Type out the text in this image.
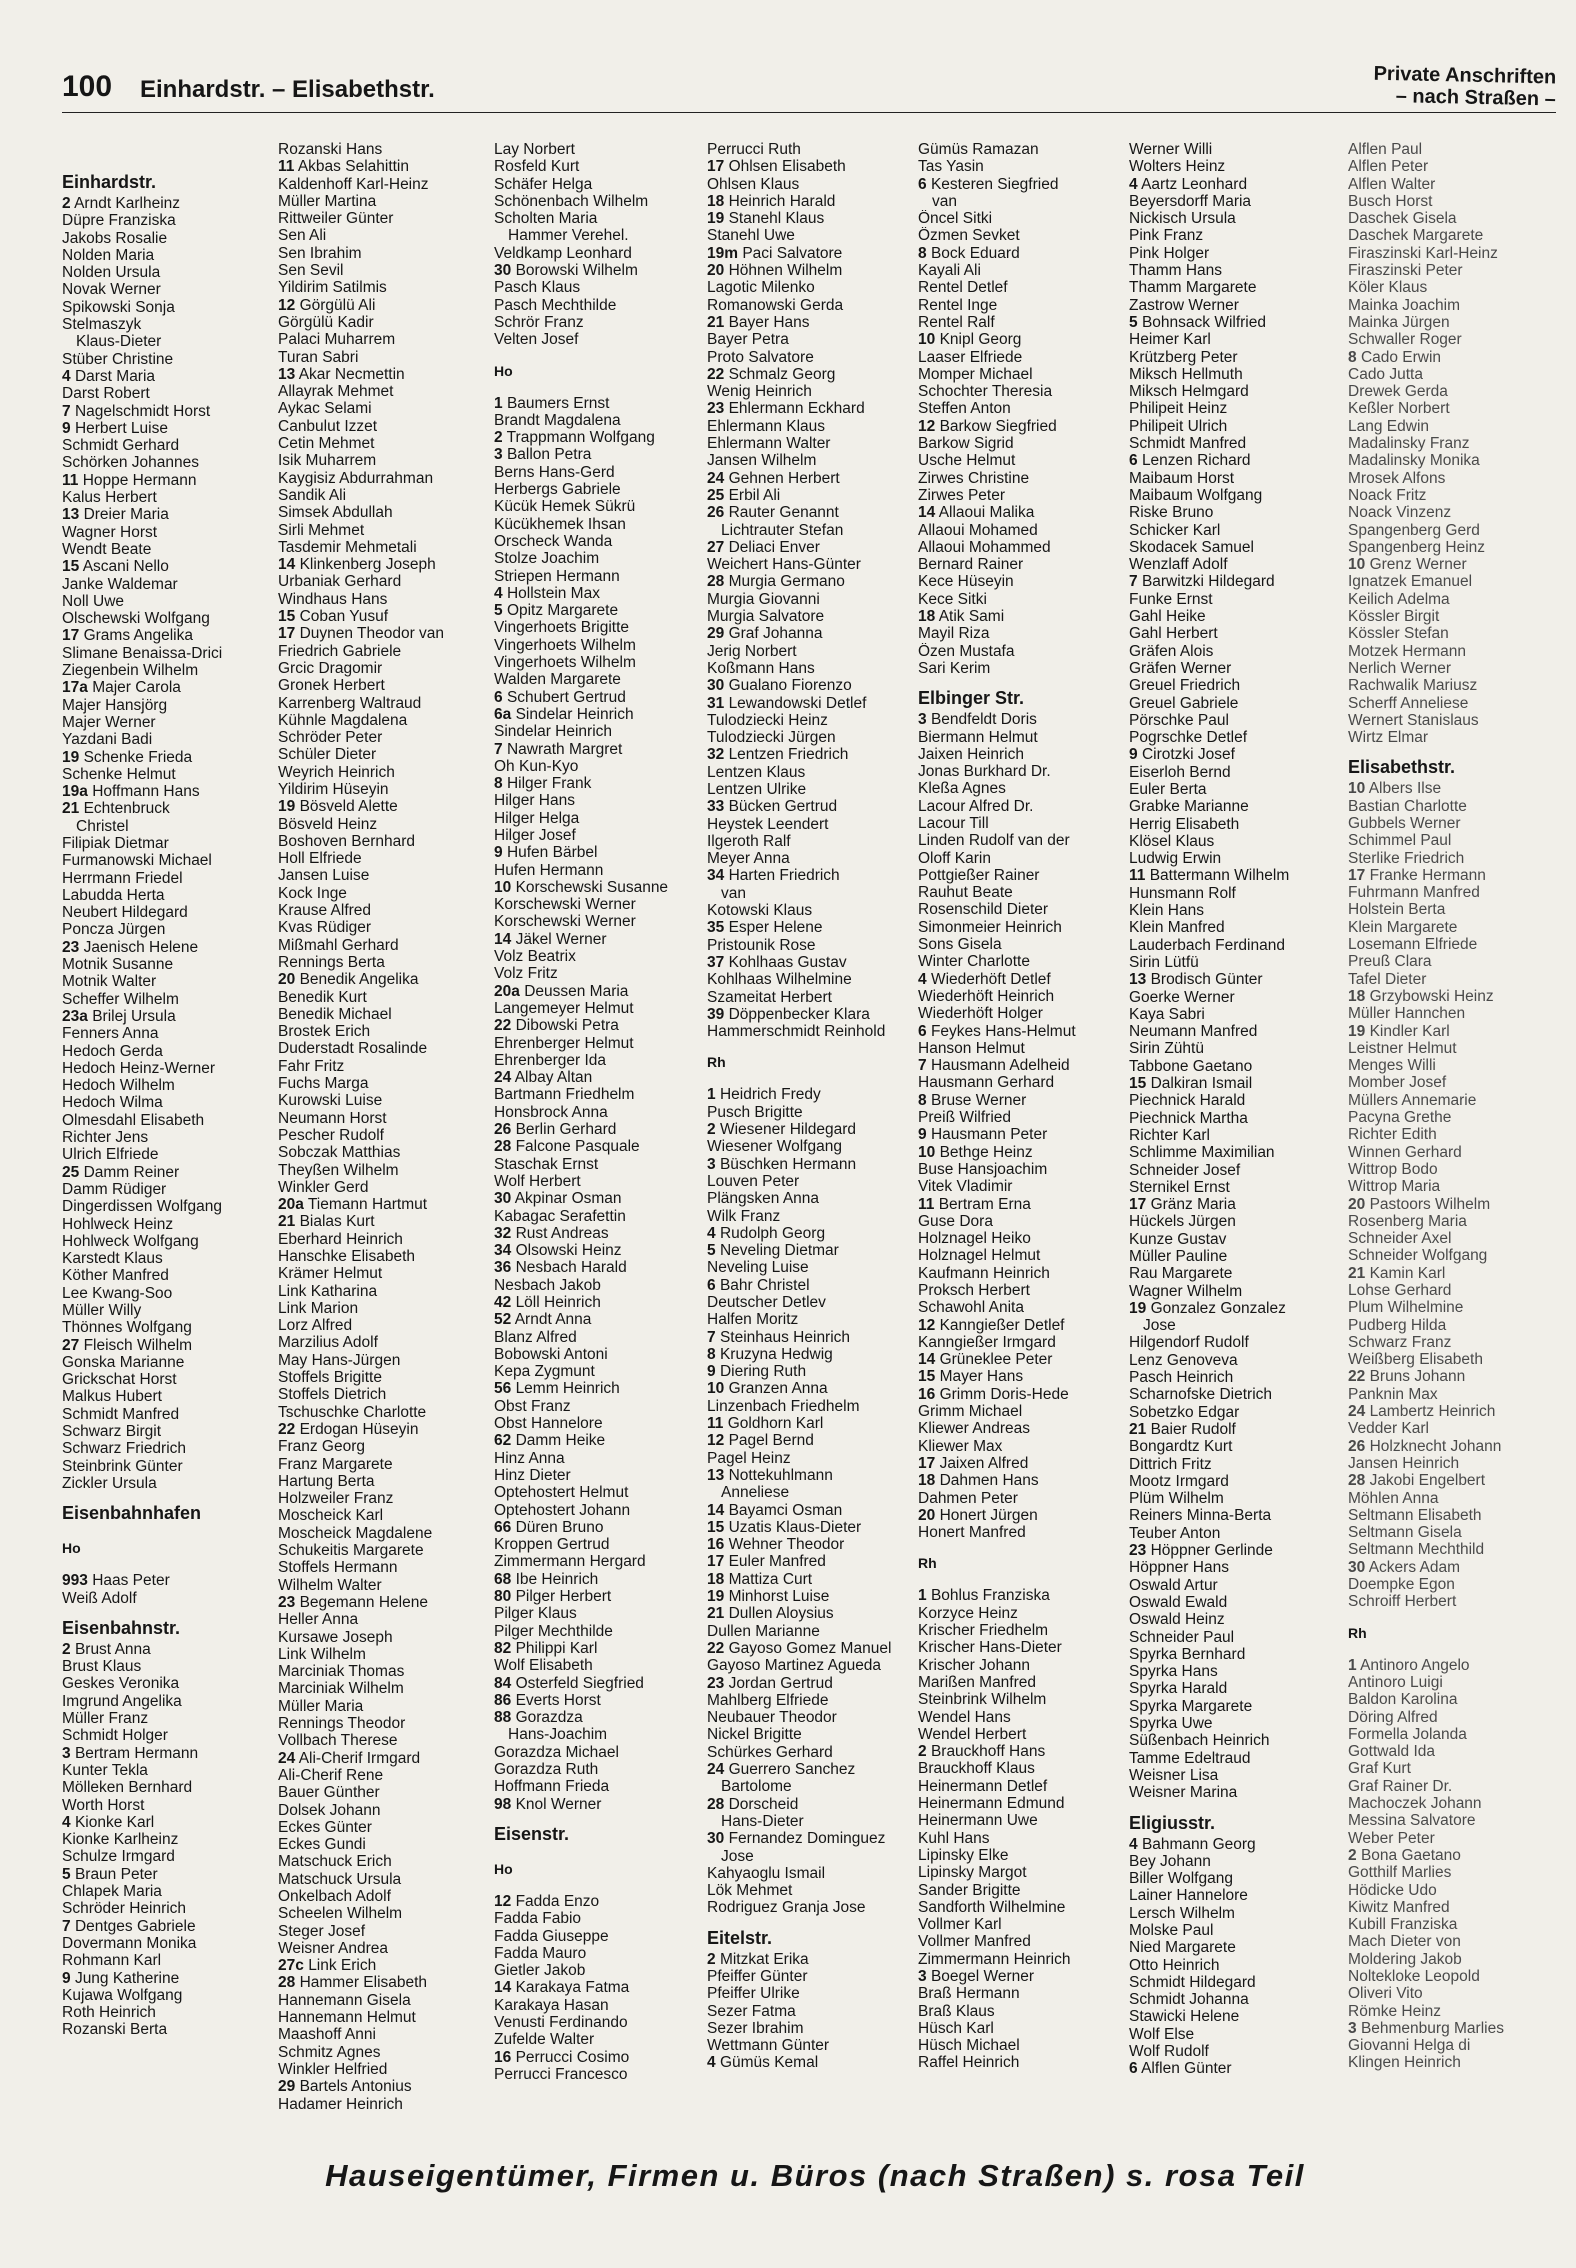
100 Einhardstr. – Elisabethstr.
Private Anschriften
– nach Straßen –
Einhardstr.
2 Arndt Karlheinz
Düpre Franziska
Jakobs Rosalie
Nolden Maria
Nolden Ursula
Novak Werner
Spikowski Sonja
Stelmaszyk
Klaus-Dieter
Stüber Christine
4 Darst Maria
Darst Robert
7 Nagelschmidt Horst
9 Herbert Luise
Schmidt Gerhard
Schörken Johannes
11 Hoppe Hermann
Kalus Herbert
13 Dreier Maria
Wagner Horst
Wendt Beate
15 Ascani Nello
Janke Waldemar
Noll Uwe
Olschewski Wolfgang
17 Grams Angelika
Slimane Benaissa-Drici
Ziegenbein Wilhelm
17a Majer Carola
Majer Hansjörg
Majer Werner
Yazdani Badi
19 Schenke Frieda
Schenke Helmut
19a Hoffmann Hans
21 Echtenbruck
Christel
Filipiak Dietmar
Furmanowski Michael
Herrmann Friedel
Labudda Herta
Neubert Hildegard
Poncza Jürgen
23 Jaenisch Helene
Motnik Susanne
Motnik Walter
Scheffer Wilhelm
23a Brilej Ursula
Fenners Anna
Hedoch Gerda
Hedoch Heinz-Werner
Hedoch Wilhelm
Hedoch Wilma
Olmesdahl Elisabeth
Richter Jens
Ulrich Elfriede
25 Damm Reiner
Damm Rüdiger
Dingerdissen Wolfgang
Hohlweck Heinz
Hohlweck Wolfgang
Karstedt Klaus
Köther Manfred
Lee Kwang-Soo
Müller Willy
Thönnes Wolfgang
27 Fleisch Wilhelm
Gonska Marianne
Grickschat Horst
Malkus Hubert
Schmidt Manfred
Schwarz Birgit
Schwarz Friedrich
Steinbrink Günter
Zickler Ursula
Eisenbahnhafen
Ho
993 Haas Peter
Weiß Adolf
Eisenbahnstr.
2 Brust Anna
Brust Klaus
Geskes Veronika
Imgrund Angelika
Müller Franz
Schmidt Holger
3 Bertram Hermann
Kunter Tekla
Mölleken Bernhard
Worth Horst
4 Kionke Karl
Kionke Karlheinz
Schulze Irmgard
5 Braun Peter
Chlapek Maria
Schröder Heinrich
7 Dentges Gabriele
Dovermann Monika
Rohmann Karl
9 Jung Katherine
Kujawa Wolfgang
Roth Heinrich
Rozanski Berta
Rozanski Hans
11 Akbas Selahittin
Kaldenhoff Karl-Heinz
Müller Martina
Rittweiler Günter
Sen Ali
Sen Ibrahim
Sen Sevil
Yildirim Satilmis
12 Görgülü Ali
Görgülü Kadir
Palaci Muharrem
Turan Sabri
13 Akar Necmettin
Allayrak Mehmet
Aykac Selami
Canbulut Izzet
Cetin Mehmet
Isik Muharrem
Kaygisiz Abdurrahman
Sandik Ali
Simsek Abdullah
Sirli Mehmet
Tasdemir Mehmetali
14 Klinkenberg Joseph
Urbaniak Gerhard
Windhaus Hans
15 Coban Yusuf
17 Duynen Theodor van
Friedrich Gabriele
Grcic Dragomir
Gronek Herbert
Karrenberg Waltraud
Kühnle Magdalena
Schröder Peter
Schüler Dieter
Weyrich Heinrich
Yildirim Hüseyin
19 Bösveld Alette
Bösveld Heinz
Boshoven Bernhard
Holl Elfriede
Jansen Luise
Kock Inge
Krause Alfred
Kvas Rüdiger
Mißmahl Gerhard
Rennings Berta
20 Benedik Angelika
Benedik Kurt
Benedik Michael
Brostek Erich
Duderstadt Rosalinde
Fahr Fritz
Fuchs Marga
Kurowski Luise
Neumann Horst
Pescher Rudolf
Sobczak Matthias
Theyßen Wilhelm
Winkler Gerd
20a Tiemann Hartmut
21 Bialas Kurt
Eberhard Heinrich
Hanschke Elisabeth
Krämer Helmut
Link Katharina
Link Marion
Lorz Alfred
Marzilius Adolf
May Hans-Jürgen
Stoffels Brigitte
Stoffels Dietrich
Tschuschke Charlotte
22 Erdogan Hüseyin
Franz Georg
Franz Margarete
Hartung Berta
Holzweiler Franz
Moscheick Karl
Moscheick Magdalene
Schukeitis Margarete
Stoffels Hermann
Wilhelm Walter
23 Begemann Helene
Heller Anna
Kursawe Joseph
Link Wilhelm
Marciniak Thomas
Marciniak Wilhelm
Müller Maria
Rennings Theodor
Vollbach Therese
24 Ali-Cherif Irmgard
Ali-Cherif Rene
Bauer Günther
Dolsek Johann
Eckes Günter
Eckes Gundi
Matschuck Erich
Matschuck Ursula
Onkelbach Adolf
Scheelen Wilhelm
Steger Josef
Weisner Andrea
27c Link Erich
28 Hammer Elisabeth
Hannemann Gisela
Hannemann Helmut
Maashoff Anni
Schmitz Agnes
Winkler Helfried
29 Bartels Antonius
Hadamer Heinrich
Lay Norbert
Rosfeld Kurt
Schäfer Helga
Schönenbach Wilhelm
Scholten Maria
Hammer Verehel.
Veldkamp Leonhard
30 Borowski Wilhelm
Pasch Klaus
Pasch Mechthilde
Schrör Franz
Velten Josef
Ho
1 Baumers Ernst
Brandt Magdalena
2 Trappmann Wolfgang
3 Ballon Petra
Berns Hans-Gerd
Herbergs Gabriele
Kücük Hemek Sükrü
Kücükhemek Ihsan
Orscheck Wanda
Stolze Joachim
Striepen Hermann
4 Hollstein Max
5 Opitz Margarete
Vingerhoets Brigitte
Vingerhoets Wilhelm
Vingerhoets Wilhelm
Walden Margarete
6 Schubert Gertrud
6a Sindelar Heinrich
Sindelar Heinrich
7 Nawrath Margret
Oh Kun-Kyo
8 Hilger Frank
Hilger Hans
Hilger Helga
Hilger Josef
9 Hufen Bärbel
Hufen Hermann
10 Korschewski Susanne
Korschewski Werner
Korschewski Werner
14 Jäkel Werner
Volz Beatrix
Volz Fritz
20a Deussen Maria
Langemeyer Helmut
22 Dibowski Petra
Ehrenberger Helmut
Ehrenberger Ida
24 Albay Altan
Bartmann Friedhelm
Honsbrock Anna
26 Berlin Gerhard
28 Falcone Pasquale
Staschak Ernst
Wolf Herbert
30 Akpinar Osman
Kabagac Serafettin
32 Rust Andreas
34 Olsowski Heinz
36 Nesbach Harald
Nesbach Jakob
42 Löll Heinrich
52 Arndt Anna
Blanz Alfred
Bobowski Antoni
Kepa Zygmunt
56 Lemm Heinrich
Obst Franz
Obst Hannelore
62 Damm Heike
Hinz Anna
Hinz Dieter
Optehostert Helmut
Optehostert Johann
66 Düren Bruno
Kroppen Gertrud
Zimmermann Hergard
68 Ibe Heinrich
80 Pilger Herbert
Pilger Klaus
Pilger Mechthilde
82 Philippi Karl
Wolf Elisabeth
84 Osterfeld Siegfried
86 Everts Horst
88 Gorazdza
Hans-Joachim
Gorazdza Michael
Gorazdza Ruth
Hoffmann Frieda
98 Knol Werner
Eisenstr.
Ho
12 Fadda Enzo
Fadda Fabio
Fadda Giuseppe
Fadda Mauro
Gietler Jakob
14 Karakaya Fatma
Karakaya Hasan
Venusti Ferdinando
Zufelde Walter
16 Perrucci Cosimo
Perrucci Francesco
Perrucci Ruth
17 Ohlsen Elisabeth
Ohlsen Klaus
18 Heinrich Harald
19 Stanehl Klaus
Stanehl Uwe
19m Paci Salvatore
20 Höhnen Wilhelm
Lagotic Milenko
Romanowski Gerda
21 Bayer Hans
Bayer Petra
Proto Salvatore
22 Schmalz Georg
Wenig Heinrich
23 Ehlermann Eckhard
Ehlermann Klaus
Ehlermann Walter
Jansen Wilhelm
24 Gehnen Herbert
25 Erbil Ali
26 Rauter Genannt
Lichtrauter Stefan
27 Deliaci Enver
Weichert Hans-Günter
28 Murgia Germano
Murgia Giovanni
Murgia Salvatore
29 Graf Johanna
Jerig Norbert
Koßmann Hans
30 Gualano Fiorenzo
31 Lewandowski Detlef
Tulodziecki Heinz
Tulodziecki Jürgen
32 Lentzen Friedrich
Lentzen Klaus
Lentzen Ulrike
33 Bücken Gertrud
Heystek Leendert
Ilgeroth Ralf
Meyer Anna
34 Harten Friedrich
van
Kotowski Klaus
35 Esper Helene
Pristounik Rose
37 Kohlhaas Gustav
Kohlhaas Wilhelmine
Szameitat Herbert
39 Döppenbecker Klara
Hammerschmidt Reinhold
Rh
1 Heidrich Fredy
Pusch Brigitte
2 Wiesener Hildegard
Wiesener Wolfgang
3 Büschken Hermann
Louven Peter
Plängsken Anna
Wilk Franz
4 Rudolph Georg
5 Neveling Dietmar
Neveling Luise
6 Bahr Christel
Deutscher Detlev
Halfen Moritz
7 Steinhaus Heinrich
8 Kruzyna Hedwig
9 Diering Ruth
10 Granzen Anna
Linzenbach Friedhelm
11 Goldhorn Karl
12 Pagel Bernd
Pagel Heinz
13 Nottekuhlmann
Anneliese
14 Bayamci Osman
15 Uzatis Klaus-Dieter
16 Wehner Theodor
17 Euler Manfred
18 Mattiza Curt
19 Minhorst Luise
21 Dullen Aloysius
Dullen Marianne
22 Gayoso Gomez Manuel
Gayoso Martinez Agueda
23 Jordan Gertrud
Mahlberg Elfriede
Neubauer Theodor
Nickel Brigitte
Schürkes Gerhard
24 Guerrero Sanchez
Bartolome
28 Dorscheid
Hans-Dieter
30 Fernandez Dominguez
Jose
Kahyaoglu Ismail
Lök Mehmet
Rodriguez Granja Jose
Eitelstr.
2 Mitzkat Erika
Pfeiffer Günter
Pfeiffer Ulrike
Sezer Fatma
Sezer Ibrahim
Wettmann Günter
4 Gümüs Kemal
Gümüs Ramazan
Tas Yasin
6 Kesteren Siegfried
van
Öncel Sitki
Özmen Sevket
8 Bock Eduard
Kayali Ali
Rentel Detlef
Rentel Inge
Rentel Ralf
10 Knipl Georg
Laaser Elfriede
Momper Michael
Schochter Theresia
Steffen Anton
12 Barkow Siegfried
Barkow Sigrid
Usche Helmut
Zirwes Christine
Zirwes Peter
14 Allaoui Malika
Allaoui Mohamed
Allaoui Mohammed
Bernard Rainer
Kece Hüseyin
Kece Sitki
18 Atik Sami
Mayil Riza
Özen Mustafa
Sari Kerim
Elbinger Str.
3 Bendfeldt Doris
Biermann Helmut
Jaixen Heinrich
Jonas Burkhard Dr.
Kleßa Agnes
Lacour Alfred Dr.
Lacour Till
Linden Rudolf van der
Oloff Karin
Pottgießer Rainer
Rauhut Beate
Rosenschild Dieter
Simonmeier Heinrich
Sons Gisela
Winter Charlotte
4 Wiederhöft Detlef
Wiederhöft Heinrich
Wiederhöft Holger
6 Feykes Hans-Helmut
Hanson Helmut
7 Hausmann Adelheid
Hausmann Gerhard
8 Bruse Werner
Preiß Wilfried
9 Hausmann Peter
10 Bethge Heinz
Buse Hansjoachim
Vitek Vladimir
11 Bertram Erna
Guse Dora
Holznagel Heiko
Holznagel Helmut
Kaufmann Heinrich
Proksch Herbert
Schawohl Anita
12 Kanngießer Detlef
Kanngießer Irmgard
14 Grüneklee Peter
15 Mayer Hans
16 Grimm Doris-Hede
Grimm Michael
Kliewer Andreas
Kliewer Max
17 Jaixen Alfred
18 Dahmen Hans
Dahmen Peter
20 Honert Jürgen
Honert Manfred
Rh
1 Bohlus Franziska
Korzyce Heinz
Krischer Friedhelm
Krischer Hans-Dieter
Krischer Johann
Marißen Manfred
Steinbrink Wilhelm
Wendel Hans
Wendel Herbert
2 Brauckhoff Hans
Brauckhoff Klaus
Heinermann Detlef
Heinermann Edmund
Heinermann Uwe
Kuhl Hans
Lipinsky Elke
Lipinsky Margot
Sander Brigitte
Sandforth Wilhelmine
Vollmer Karl
Vollmer Manfred
Zimmermann Heinrich
3 Boegel Werner
Braß Hermann
Braß Klaus
Hüsch Karl
Hüsch Michael
Raffel Heinrich
Werner Willi
Wolters Heinz
4 Aartz Leonhard
Beyersdorff Maria
Nickisch Ursula
Pink Franz
Pink Holger
Thamm Hans
Thamm Margarete
Zastrow Werner
5 Bohnsack Wilfried
Heimer Karl
Krützberg Peter
Miksch Hellmuth
Miksch Helmgard
Philipeit Heinz
Philipeit Ulrich
Schmidt Manfred
6 Lenzen Richard
Maibaum Horst
Maibaum Wolfgang
Riske Bruno
Schicker Karl
Skodacek Samuel
Wenzlaff Adolf
7 Barwitzki Hildegard
Funke Ernst
Gahl Heike
Gahl Herbert
Gräfen Alois
Gräfen Werner
Greuel Friedrich
Greuel Gabriele
Pörschke Paul
Pogrschke Detlef
9 Cirotzki Josef
Eiserloh Bernd
Euler Berta
Grabke Marianne
Herrig Elisabeth
Klösel Klaus
Ludwig Erwin
11 Battermann Wilhelm
Hunsmann Rolf
Klein Hans
Klein Manfred
Lauderbach Ferdinand
Sirin Lütfü
13 Brodisch Günter
Goerke Werner
Kaya Sabri
Neumann Manfred
Sirin Zühtü
Tabbone Gaetano
15 Dalkiran Ismail
Piechnick Harald
Piechnick Martha
Richter Karl
Schlimme Maximilian
Schneider Josef
Sternikel Ernst
17 Gränz Maria
Hückels Jürgen
Kunze Gustav
Müller Pauline
Rau Margarete
Wagner Wilhelm
19 Gonzalez Gonzalez
Jose
Hilgendorf Rudolf
Lenz Genoveva
Pasch Heinrich
Scharnofske Dietrich
Sobetzko Edgar
21 Baier Rudolf
Bongardtz Kurt
Dittrich Fritz
Mootz Irmgard
Plüm Wilhelm
Reiners Minna-Berta
Teuber Anton
23 Höppner Gerlinde
Höppner Hans
Oswald Artur
Oswald Ewald
Oswald Heinz
Schneider Paul
Spyrka Bernhard
Spyrka Hans
Spyrka Harald
Spyrka Margarete
Spyrka Uwe
Süßenbach Heinrich
Tamme Edeltraud
Weisner Lisa
Weisner Marina
Eligiusstr.
4 Bahmann Georg
Bey Johann
Biller Wolfgang
Lainer Hannelore
Lersch Wilhelm
Molske Paul
Nied Margarete
Otto Heinrich
Schmidt Hildegard
Schmidt Johanna
Stawicki Helene
Wolf Else
Wolf Rudolf
6 Alflen Günter
Alflen Paul
Alflen Peter
Alflen Walter
Busch Horst
Daschek Gisela
Daschek Margarete
Firaszinski Karl-Heinz
Firaszinski Peter
Köler Klaus
Mainka Joachim
Mainka Jürgen
Schwaller Roger
8 Cado Erwin
Cado Jutta
Drewek Gerda
Keßler Norbert
Lang Edwin
Madalinsky Franz
Madalinsky Monika
Mrosek Alfons
Noack Fritz
Noack Vinzenz
Spangenberg Gerd
Spangenberg Heinz
10 Grenz Werner
Ignatzek Emanuel
Keilich Adelma
Kössler Birgit
Kössler Stefan
Motzek Hermann
Nerlich Werner
Rachwalik Mariusz
Scherff Anneliese
Wernert Stanislaus
Wirtz Elmar
Elisabethstr.
10 Albers Ilse
Bastian Charlotte
Gubbels Werner
Schimmel Paul
Sterlike Friedrich
17 Franke Hermann
Fuhrmann Manfred
Holstein Berta
Klein Margarete
Losemann Elfriede
Preuß Clara
Tafel Dieter
18 Grzybowski Heinz
Müller Hannchen
19 Kindler Karl
Leistner Helmut
Menges Willi
Momber Josef
Müllers Annemarie
Pacyna Grethe
Richter Edith
Winnen Gerhard
Wittrop Bodo
Wittrop Maria
20 Pastoors Wilhelm
Rosenberg Maria
Schneider Axel
Schneider Wolfgang
21 Kamin Karl
Lohse Gerhard
Plum Wilhelmine
Pudberg Hilda
Schwarz Franz
Weißberg Elisabeth
22 Bruns Johann
Panknin Max
24 Lambertz Heinrich
Vedder Karl
26 Holzknecht Johann
Jansen Heinrich
28 Jakobi Engelbert
Möhlen Anna
Seltmann Elisabeth
Seltmann Gisela
Seltmann Mechthild
30 Ackers Adam
Doempke Egon
Schroiff Herbert
Rh
1 Antinoro Angelo
Antinoro Luigi
Baldon Karolina
Döring Alfred
Formella Jolanda
Gottwald Ida
Graf Kurt
Graf Rainer Dr.
Machoczek Johann
Messina Salvatore
Weber Peter
2 Bona Gaetano
Gotthilf Marlies
Hödicke Udo
Kiwitz Manfred
Kubill Franziska
Mach Dieter von
Moldering Jakob
Noltekloke Leopold
Oliveri Vito
Römke Heinz
3 Behmenburg Marlies
Giovanni Helga di
Klingen Heinrich
Hauseigentümer, Firmen u. Büros (nach Straßen) s. rosa Teil
